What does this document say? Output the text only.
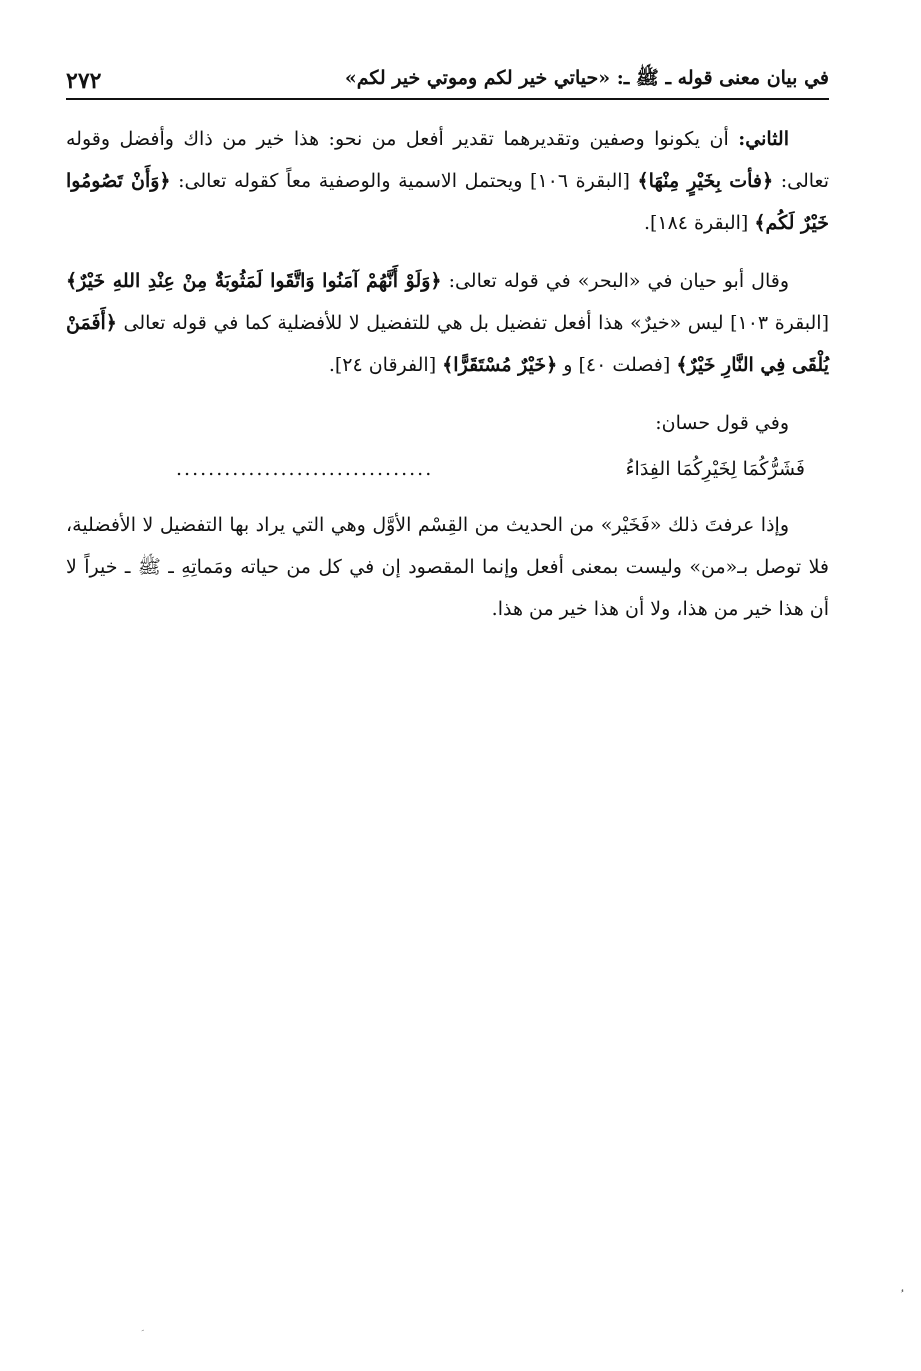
في بيان معنى قوله ـ ﷺ ـ: «حياتي خير لكم وموتي خير لكم»
٢٧٢

الثاني: أن يكونوا وصفين وتقديرهما تقدير أفعل من نحو: هذا خير من ذاك وأفضل وقوله تعالى: ﴿فأت بِخَيْرٍ مِنْهَا﴾ [البقرة ١٠٦] ويحتمل الاسمية والوصفية معاً كقوله تعالى: ﴿وَأَنْ تَصُومُوا خَيْرٌ لَكُم﴾ [البقرة ١٨٤].

وقال أبو حيان في «البحر» في قوله تعالى: ﴿وَلَوْ أَنَّهُمْ آمَنُوا وَاتَّقَوا لَمَثُوبَةٌ مِنْ عِنْدِ اللهِ خَيْرٌ﴾ [البقرة ١٠٣] ليس «خيرٌ» هذا أفعل تفضيل بل هي للتفضيل لا للأفضلية كما في قوله تعالى ﴿أَفَمَنْ يُلْقَى فِي النَّارِ خَيْرٌ﴾ [فصلت ٤٠] و ﴿خَيْرٌ مُسْتَقَرًّا﴾ [الفرقان ٢٤].

وفي قول حسان:

فَشَرُّكُمَا لِخَيْرِكُمَا الفِدَاءُ
................................

وإذا عرفتَ ذلك «فَخَيْر» من الحديث من القِسْم الأوَّل وهي التي يراد بها التفضيل لا الأفضلية، فلا توصل بـ«من» وليست بمعنى أفعل وإنما المقصود إن في كل من حياته ومَماتِهِ ـ ﷺ ـ خيراً لا أن هذا خير من هذا، ولا أن هذا خير من هذا.
